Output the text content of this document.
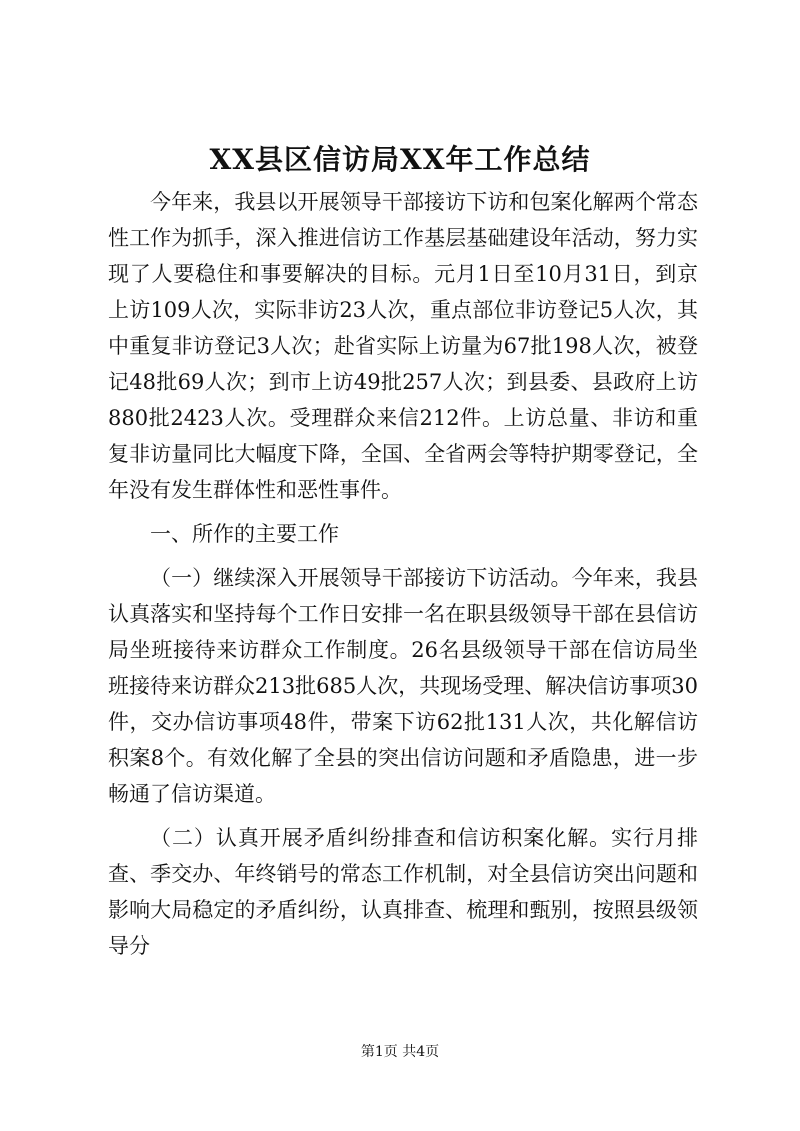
XX县区信访局XX年工作总结

今年来，我县以开展领导干部接访下访和包案化解两个常态性工作为抓手，深入推进信访工作基层基础建设年活动，努力实现了人要稳住和事要解决的目标。元月1日至10月31日，到京上访109人次，实际非访23人次，重点部位非访登记5人次，其中重复非访登记3人次；赴省实际上访量为67批198人次，被登记48批69人次；到市上访49批257人次；到县委、县政府上访880批2423人次。受理群众来信212件。上访总量、非访和重复非访量同比大幅度下降，全国、全省两会等特护期零登记，全年没有发生群体性和恶性事件。

一、所作的主要工作

（一）继续深入开展领导干部接访下访活动。今年来，我县认真落实和坚持每个工作日安排一名在职县级领导干部在县信访局坐班接待来访群众工作制度。26名县级领导干部在信访局坐班接待来访群众213批685人次，共现场受理、解决信访事项30件，交办信访事项48件，带案下访62批131人次，共化解信访积案8个。有效化解了全县的突出信访问题和矛盾隐患，进一步畅通了信访渠道。

（二）认真开展矛盾纠纷排查和信访积案化解。实行月排查、季交办、年终销号的常态工作机制，对全县信访突出问题和影响大局稳定的矛盾纠纷，认真排查、梳理和甄别，按照县级领导分

第1页 共4页
